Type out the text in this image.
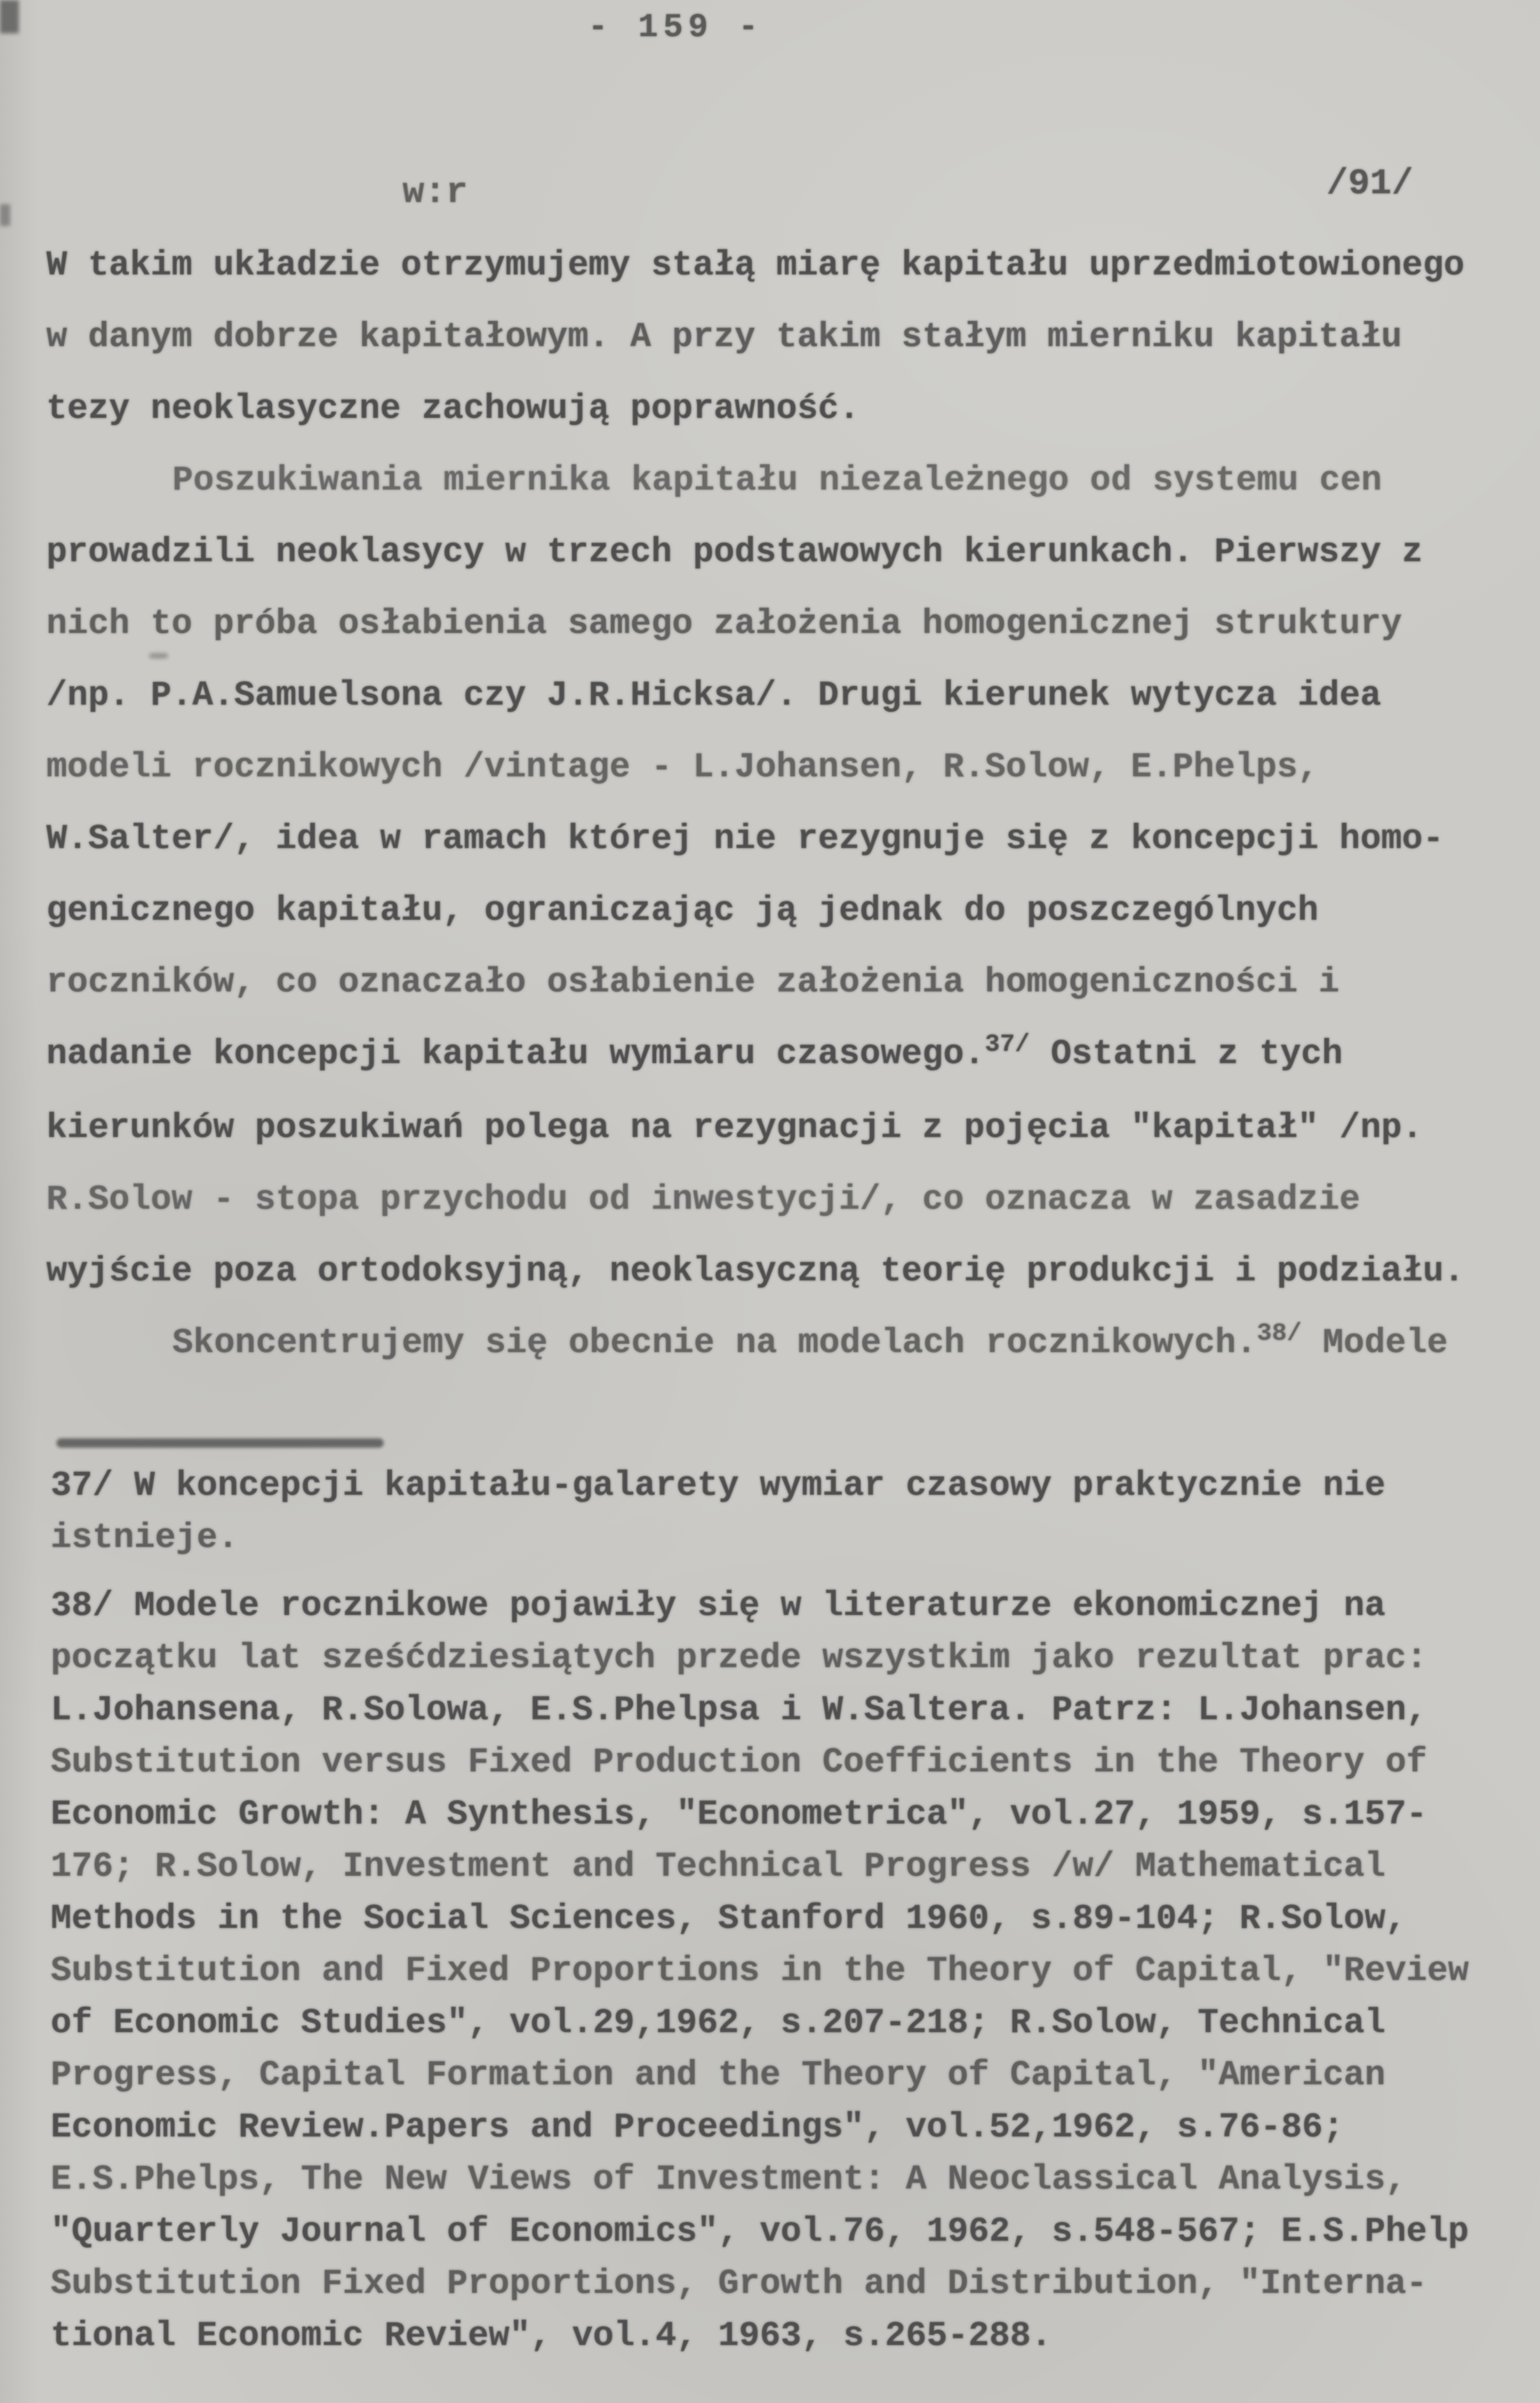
- 159 -
w:r	/91/
W takim układzie otrzymujemy stałą miarę kapitału uprzedmiotowionego
w danym dobrze kapitałowym. A przy takim stałym mierniku kapitału
tezy neoklasyczne zachowują poprawność.
Poszukiwania miernika kapitału niezależnego od systemu cen
prowadzili neoklasycy w trzech podstawowych kierunkach. Pierwszy z
nich to próba osłabienia samego założenia homogenicznej struktury
/np. P.A.Samuelsona czy J.R.Hicksa/. Drugi kierunek wytycza idea
modeli rocznikowych /vintage - L.Johansen, R.Solow, E.Phelps,
W.Salter/, idea w ramach której nie rezygnuje się z koncepcji homo-
genicznego kapitału, ograniczając ją jednak do poszczególnych
roczników, co oznaczało osłabienie założenia homogeniczności i
nadanie koncepcji kapitału wymiaru czasowego.$^{37/}$ Ostatni z tych
kierunków poszukiwań polega na rezygnacji z pojęcia "kapitał" /np.
R.Solow - stopa przychodu od inwestycji/, co oznacza w zasadzie
wyjście poza ortodoksyjną, neoklasyczną teorię produkcji i podziału.
Skoncentrujemy się obecnie na modelach rocznikowych.$^{38/}$ Modele
37/ W koncepcji kapitału-galarety wymiar czasowy praktycznie nie
istnieje.
38/ Modele rocznikowe pojawiły się w literaturze ekonomicznej na
początku lat sześćdziesiątych przede wszystkim jako rezultat prac:
L.Johansena, R.Solowa, E.S.Phelpsa i W.Saltera. Patrz: L.Johansen,
Substitution versus Fixed Production Coefficients in the Theory of
Economic Growth: A Synthesis, "Econometrica", vol.27, 1959, s.157-
176; R.Solow, Investment and Technical Progress /w/ Mathematical
Methods in the Social Sciences, Stanford 1960, s.89-104; R.Solow,
Substitution and Fixed Proportions in the Theory of Capital, "Review
of Economic Studies", vol.29,1962, s.207-218; R.Solow, Technical
Progress, Capital Formation and the Theory of Capital, "American
Economic Review.Papers and Proceedings", vol.52,1962, s.76-86;
E.S.Phelps, The New Views of Investment: A Neoclassical Analysis,
"Quarterly Journal of Economics", vol.76, 1962, s.548-567; E.S.Phelp
Substitution Fixed Proportions, Growth and Distribution, "Interna-
tional Economic Review", vol.4, 1963, s.265-288.
